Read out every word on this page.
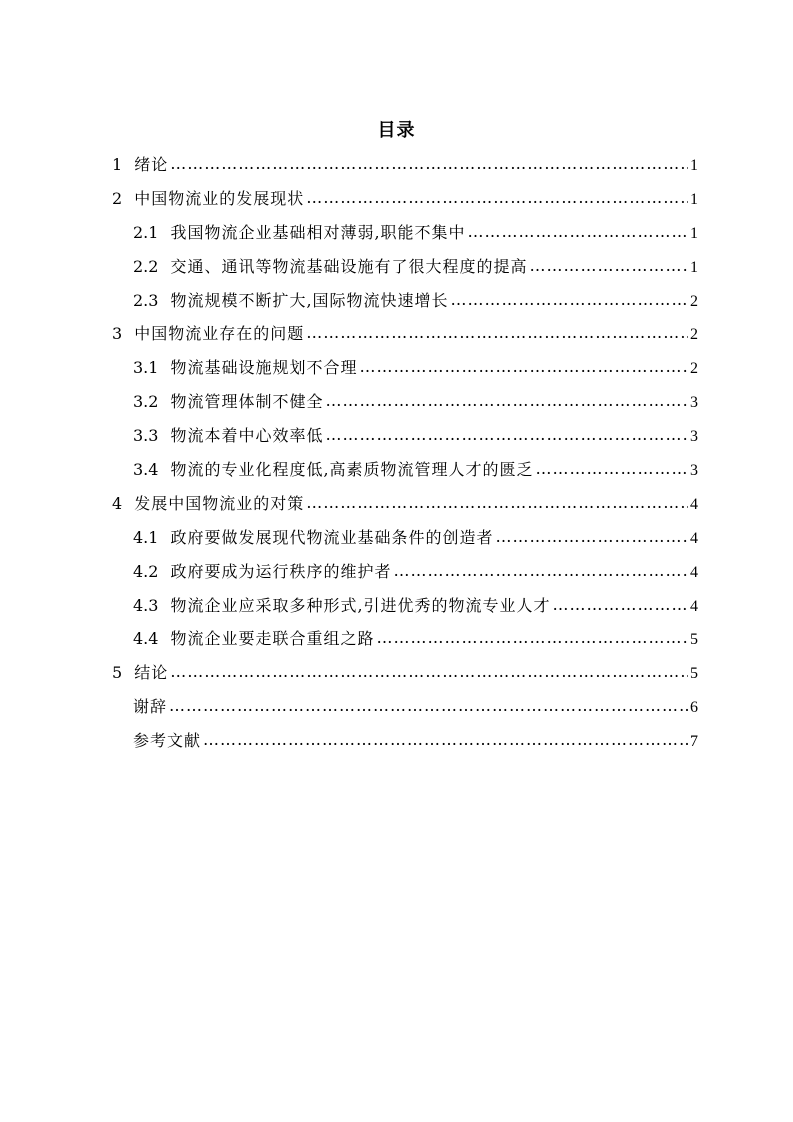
目录
1 绪论 …………………………………………………………………………………………………………………………………	1
2 中国物流业的发展现状 …………………………………………………………………………………………………………………………………	1
2.1 我国物流企业基础相对薄弱,职能不集中 …………………………………………………………………………………………………………………………………	1
2.2 交通、通讯等物流基础设施有了很大程度的提高 …………………………………………………………………………………………………………………………………	1
2.3 物流规模不断扩大,国际物流快速增长 …………………………………………………………………………………………………………………………………	2
3 中国物流业存在的问题 …………………………………………………………………………………………………………………………………	2
3.1 物流基础设施规划不合理 …………………………………………………………………………………………………………………………………	2
3.2 物流管理体制不健全 …………………………………………………………………………………………………………………………………	3
3.3 物流本着中心效率低 …………………………………………………………………………………………………………………………………	3
3.4 物流的专业化程度低,高素质物流管理人才的匮乏 …………………………………………………………………………………………………………………………………	3
4 发展中国物流业的对策 …………………………………………………………………………………………………………………………………	4
4.1 政府要做发展现代物流业基础条件的创造者 …………………………………………………………………………………………………………………………………	4
4.2 政府要成为运行秩序的维护者 …………………………………………………………………………………………………………………………………	4
4.3 物流企业应采取多种形式,引进优秀的物流专业人才 …………………………………………………………………………………………………………………………………	4
4.4 物流企业要走联合重组之路 …………………………………………………………………………………………………………………………………	5
5 结论 …………………………………………………………………………………………………………………………………	5
谢辞 …………………………………………………………………………………………………………………………………	6
参考文献 …………………………………………………………………………………………………………………………………	7
